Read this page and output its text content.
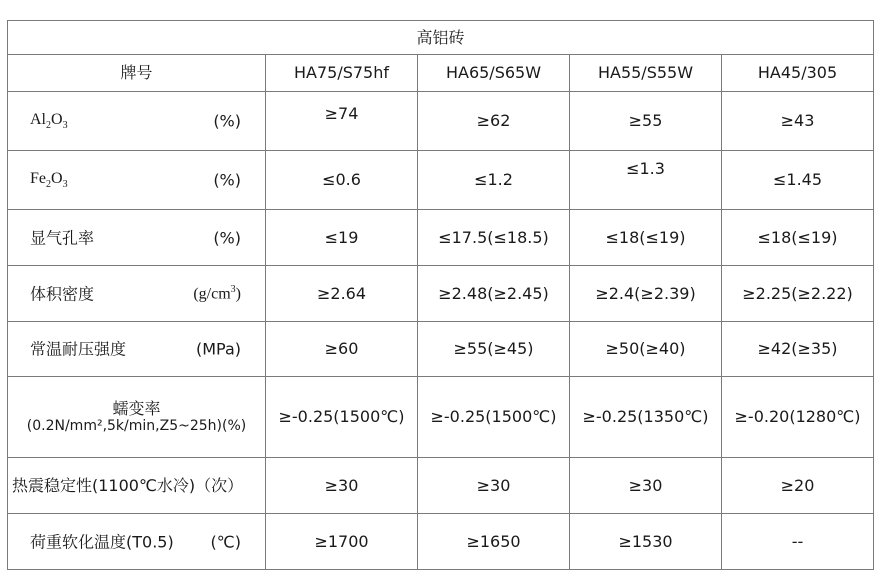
高铝砖				
牌号	HA75/S75hf	HA65/S65W	HA55/S55W	HA45/305

$Al_2O_3$ (%)	≥74	≥62	≥55	≥43

$Fe_2O_3$ (%)	≤0.6	≤1.2	≤1.3	≤1.45

显气孔率 (%)	≤19	≤17.5(≤18.5)	≤18(≤19)	≤18(≤19)

体积密度 $(g/cm^3)$	≥2.64	≥2.48(≥2.45)	≥2.4(≥2.39)	≥2.25(≥2.22)

常温耐压强度 (MPa)	≥60	≥55(≥45)	≥50(≥40)	≥42(≥35)

蠕变率
(0.2N/mm²,5k/min,Z5~25h)(%)	≥-0.25(1500℃)	≥-0.25(1500℃)	≥-0.25(1350℃)	≥-0.20(1280℃)
热震稳定性(1100℃水冷)（次）	≥30	≥30	≥30	≥20

荷重软化温度(T0.5) (℃)	≥1700	≥1650	≥1530	--
